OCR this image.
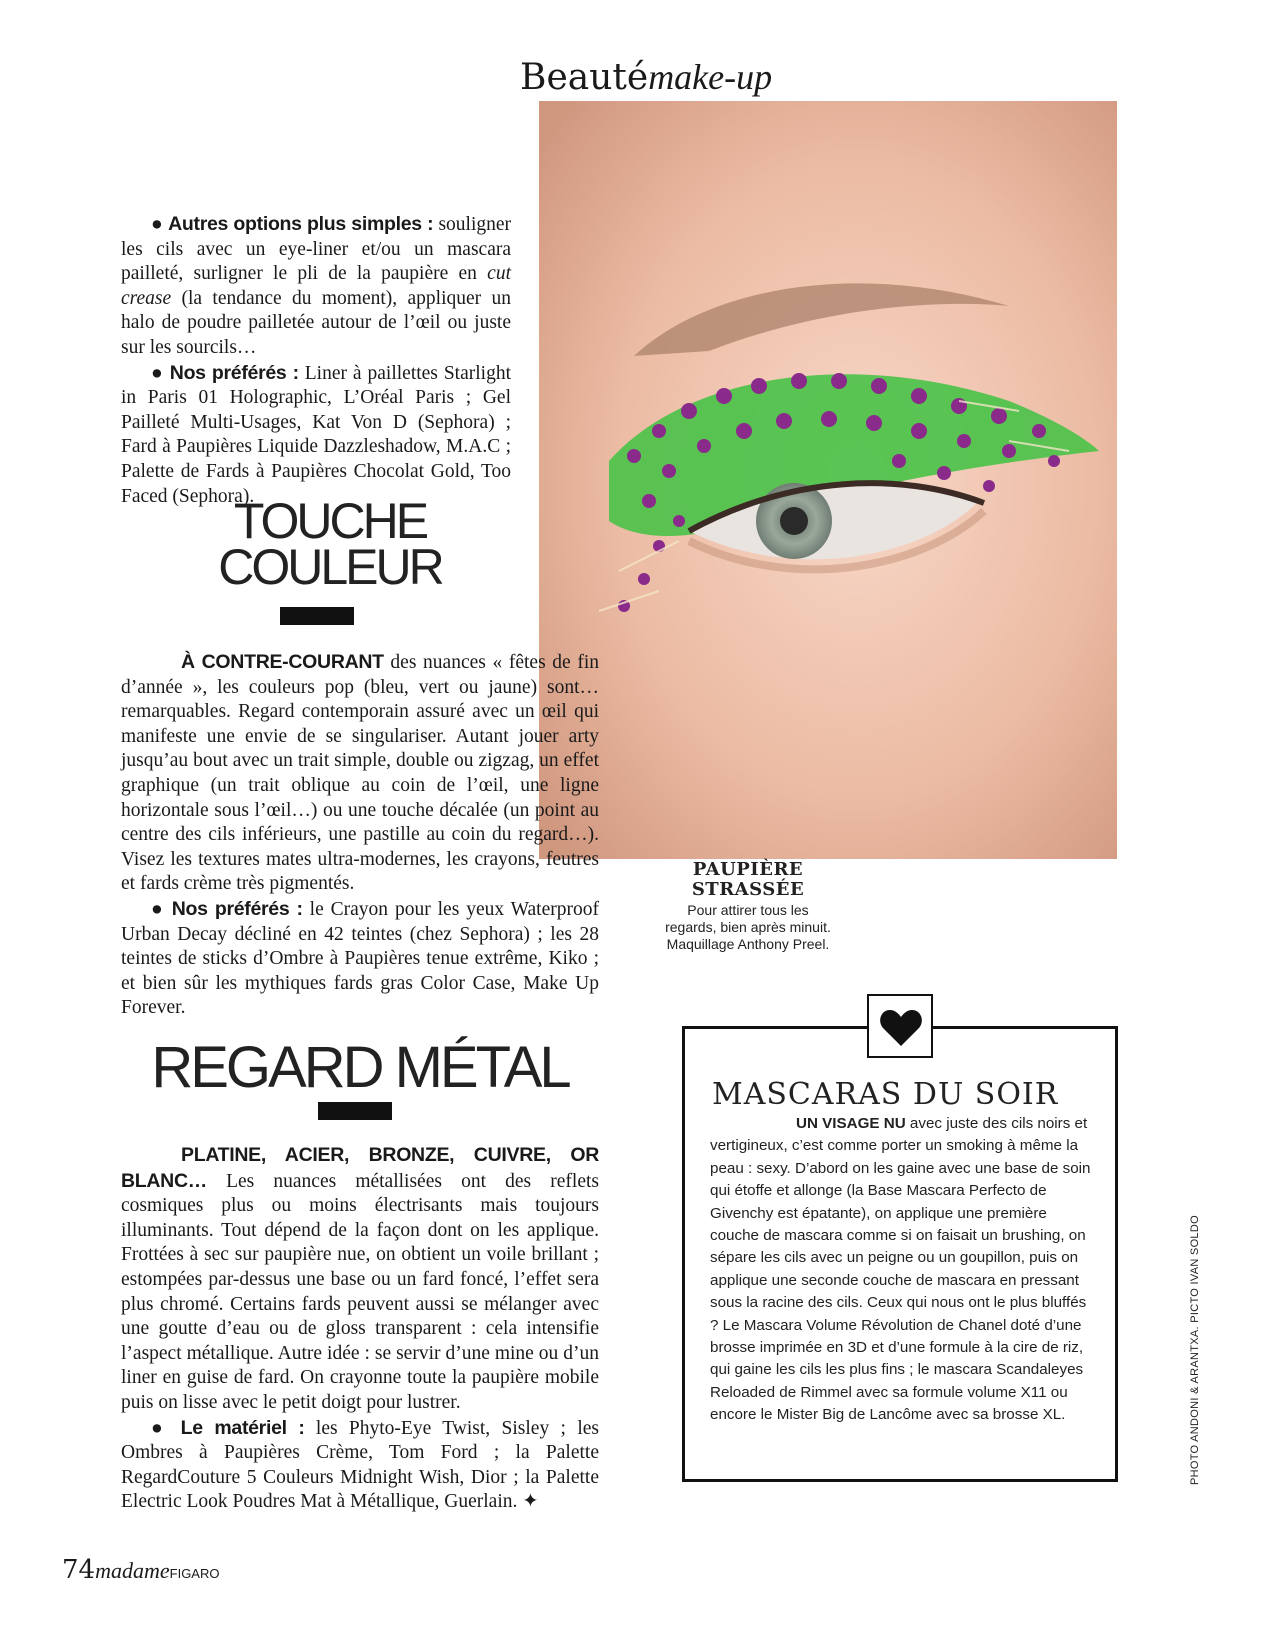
Beautémake-up

● Autres options plus simples : souligner les cils avec un eye-liner et/ou un mascara pailleté, surligner le pli de la paupière en cut crease (la tendance du moment), appliquer un halo de poudre pailletée autour de l’œil ou juste sur les sourcils…

● Nos préférés : Liner à paillettes Starlight in Paris 01 Holographic, L’Oréal Paris ; Gel Pailleté Multi-Usages, Kat Von D (Sephora) ; Fard à Paupières Liquide Dazzleshadow, M.A.C ; Palette de Fards à Paupières Chocolat Gold, Too Faced (Sephora).

TOUCHE
COULEUR

À CONTRE-COURANT des nuances « fêtes de fin d’année », les couleurs pop (bleu, vert ou jaune) sont… remarquables. Regard contemporain assuré avec un œil qui manifeste une envie de se singulariser. Autant jouer arty jusqu’au bout avec un trait simple, double ou zigzag, un effet graphique (un trait oblique au coin de l’œil, une ligne horizontale sous l’œil…) ou une touche décalée (un point au centre des cils inférieurs, une pastille au coin du regard…). Visez les textures mates ultra-modernes, les crayons, feutres et fards crème très pigmentés.

● Nos préférés : le Crayon pour les yeux Waterproof Urban Decay décliné en 42 teintes (chez Sephora) ; les 28 teintes de sticks d’Ombre à Paupières tenue extrême, Kiko ; et bien sûr les mythiques fards gras Color Case, Make Up Forever.

REGARD MÉTAL

PLATINE, ACIER, BRONZE, CUIVRE, OR BLANC… Les nuances métallisées ont des reflets cosmiques plus ou moins électrisants mais toujours illuminants. Tout dépend de la façon dont on les applique. Frottées à sec sur paupière nue, on obtient un voile brillant ; estompées par-dessus une base ou un fard foncé, l’effet sera plus chromé. Certains fards peuvent aussi se mélanger avec une goutte d’eau ou de gloss transparent : cela intensifie l’aspect métallique. Autre idée : se servir d’une mine ou d’un liner en guise de fard. On crayonne toute la paupière mobile puis on lisse avec le petit doigt pour lustrer.

● Le matériel : les Phyto-Eye Twist, Sisley ; les Ombres à Paupières Crème, Tom Ford ; la Palette RegardCouture 5 Couleurs Midnight Wish, Dior ; la Palette Electric Look Poudres Mat à Métallique, Guerlain. ✦

PAUPIÈRE
STRASSÉE
Pour attirer tous les regards, bien après minuit. Maquillage Anthony Preel.
MASCARAS DU SOIR
UN VISAGE NU avec juste des cils noirs et vertigineux, c’est comme porter un smoking à même la peau : sexy. D’abord on les gaine avec une base de soin qui étoffe et allonge (la Base Mascara Perfecto de Givenchy est épatante), on applique une première couche de mascara comme si on faisait un brushing, on sépare les cils avec un peigne ou un goupillon, puis on applique une seconde couche de mascara en pressant sous la racine des cils. Ceux qui nous ont le plus bluffés ? Le Mascara Volume Révolution de Chanel doté d’une brosse imprimée en 3D et d’une formule à la cire de riz, qui gaine les cils les plus fins ; le mascara Scandaleyes Reloaded de Rimmel avec sa formule volume X11 ou encore le Mister Big de Lancôme avec sa brosse XL.	PHOTO ANDONI & ARANTXA. PICTO IVAN SOLDO
74madameFIGARO
